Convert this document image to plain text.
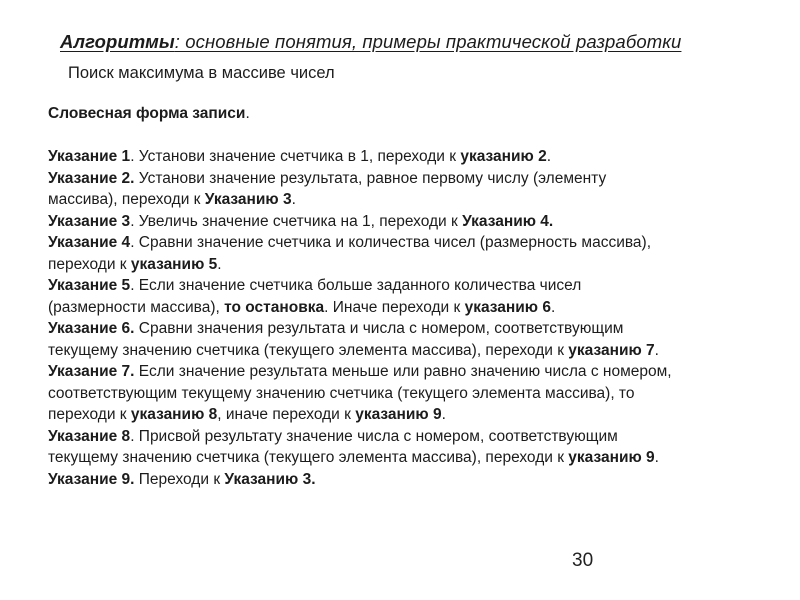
Алгоритмы: основные понятия, примеры практической разработки
Поиск максимума в массиве чисел
Словесная форма записи.

Указание 1. Установи значение счетчика в 1, переходи к указанию 2.
Указание 2. Установи значение результата, равное первому числу (элементу
массива), переходи к Указанию 3.
Указание 3. Увеличь значение счетчика на 1, переходи к Указанию 4.
Указание 4. Сравни значение счетчика и количества чисел (размерность массива),
переходи к указанию 5.
Указание 5. Если значение счетчика больше заданного количества чисел
(размерности массива), то остановка. Иначе переходи к указанию 6.
Указание 6. Сравни значения результата и числа с номером, соответствующим
текущему значению счетчика (текущего элемента массива), переходи к указанию 7.
Указание 7. Если значение результата меньше или равно значению числа с номером,
соответствующим текущему значению счетчика (текущего элемента массива), то
переходи к указанию 8, иначе переходи к указанию 9.
Указание 8. Присвой результату значение числа с номером, соответствующим
текущему значению счетчика (текущего элемента массива), переходи к указанию 9.
Указание 9. Переходи к Указанию 3.
30
